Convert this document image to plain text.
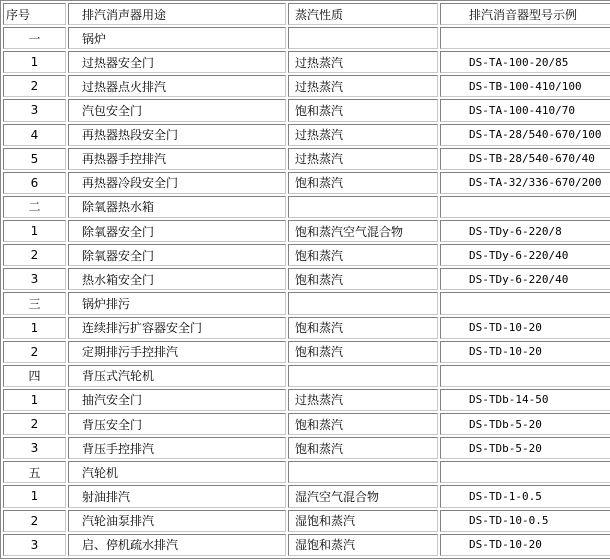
序号	排汽消声器用途	蒸汽性质	排汽消音器型号示例
一	锅炉		
1	过热器安全门	过热蒸汽	DS-TA-100-20/85
2	过热器点火排汽	过热蒸汽	DS-TB-100-410/100
3	汽包安全门	饱和蒸汽	DS-TA-100-410/70
4	再热器热段安全门	过热蒸汽	DS-TA-28/540-670/100
5	再热器手控排汽	过热蒸汽	DS-TB-28/540-670/40
6	再热器冷段安全门	饱和蒸汽	DS-TA-32/336-670/200
二	除氧器热水箱		
1	除氧器安全门	饱和蒸汽空气混合物	DS-TDy-6-220/8
2	除氧器安全门	饱和蒸汽	DS-TDy-6-220/40
3	热水箱安全门	饱和蒸汽	DS-TDy-6-220/40
三	锅炉排污		
1	连续排污扩容器安全门	饱和蒸汽	DS-TD-10-20
2	定期排污手控排汽	饱和蒸汽	DS-TD-10-20
四	背压式汽轮机		
1	抽汽安全门	过热蒸汽	DS-TDb-14-50
2	背压安全门	饱和蒸汽	DS-TDb-5-20
3	背压手控排汽	饱和蒸汽	DS-TDb-5-20
五	汽轮机		
1	射油排汽	湿汽空气混合物	DS-TD-1-0.5
2	汽轮油泵排汽	湿饱和蒸汽	DS-TD-10-0.5
3	启、停机疏水排汽	湿饱和蒸汽	DS-TD-10-20
